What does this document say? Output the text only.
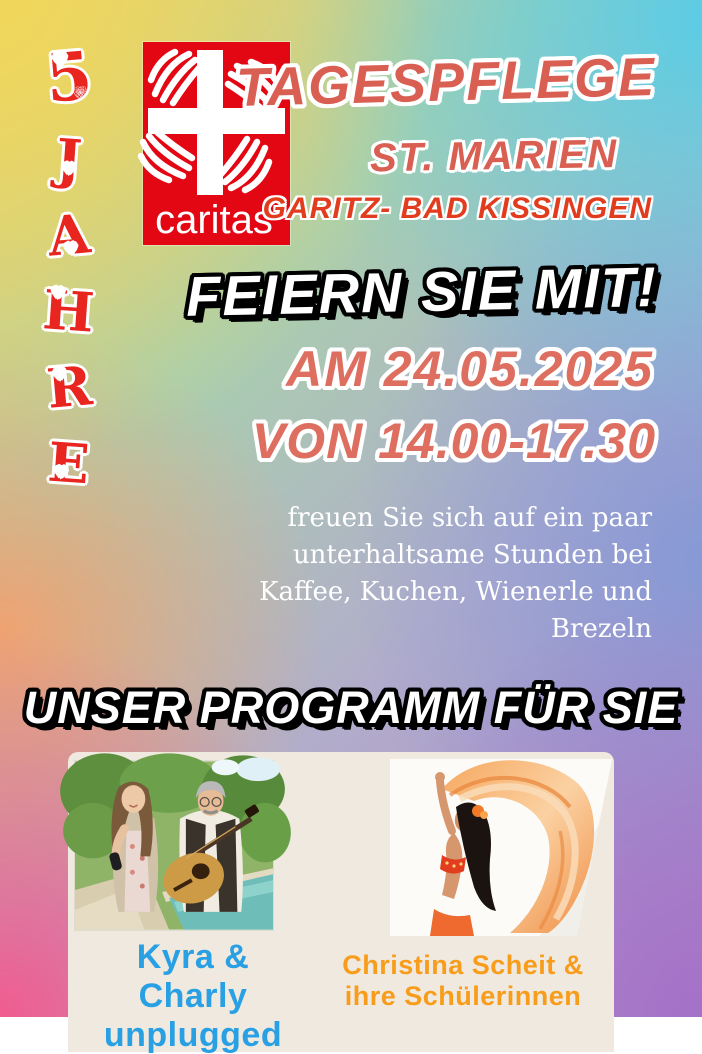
♡ 5 ♥
J ♥
A ♥
H ♥
R ♥
E ♥
caritas
TAGESPFLEGE
ST. MARIEN
GARITZ- BAD KISSINGEN
FEIERN SIE MIT!
AM 24.05.2025
VON 14.00-17.30
freuen Sie sich auf ein paar
unterhaltsame Stunden bei
Kaffee, Kuchen, Wienerle und
Brezeln
UNSER PROGRAMM FÜR SIE
Kyra & Charly
unplugged
Christina Scheit &
ihre Schülerinnen
